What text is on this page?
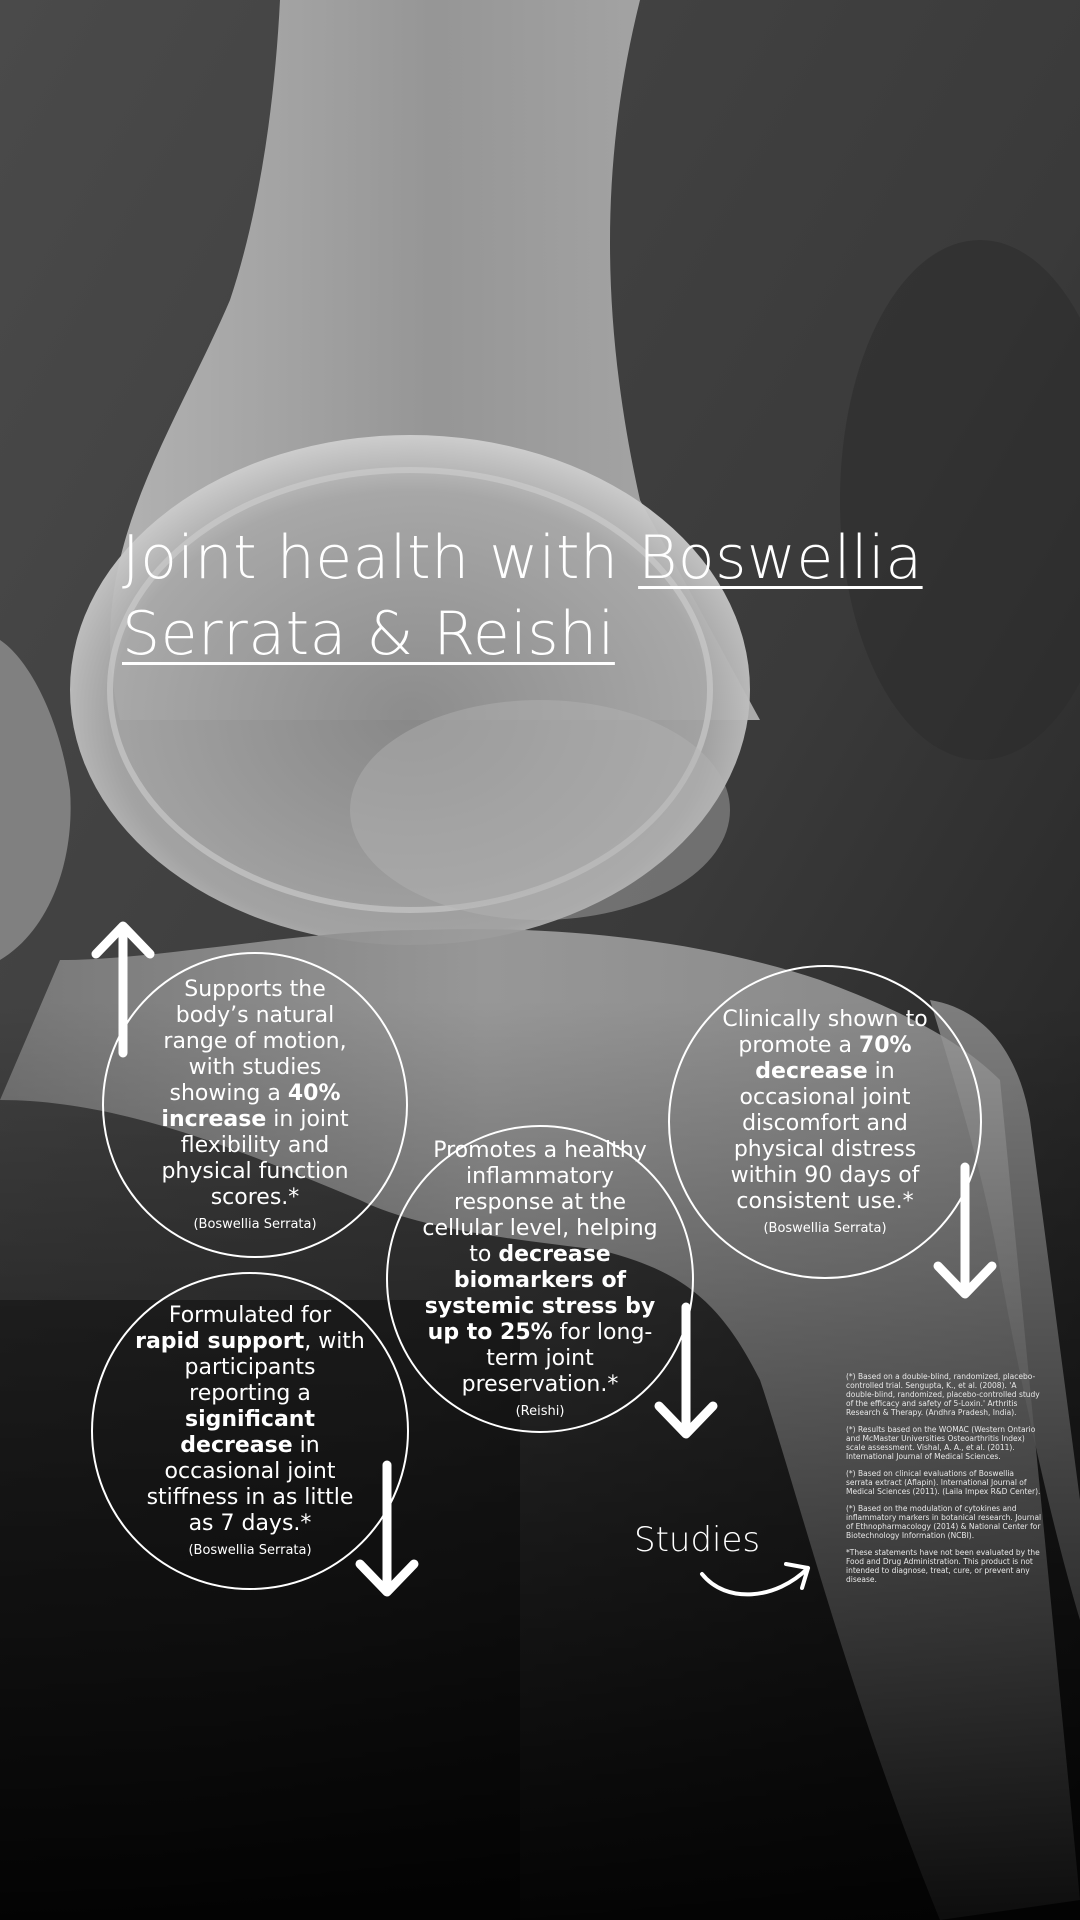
Joint health with Boswellia Serrata & Reishi

Supports the body’s natural range of motion, with studies showing a 40% increase in joint flexibility and physical function scores.*

(Boswellia Serrata)

Clinically shown to promote a 70% decrease in occasional joint discomfort and physical distress within 90 days of consistent use.*

(Boswellia Serrata)

Promotes a healthy inflammatory response at the cellular level, helping to decrease biomarkers of systemic stress by up to 25% for long-term joint preservation.*

(Reishi)

Formulated for rapid support, with participants reporting a significant decrease in occasional joint stiffness in as little as 7 days.*

(Boswellia Serrata)	Studies

(*) Based on a double-blind, randomized, placebo-controlled trial. Sengupta, K., et al. (2008). 'A double-blind, randomized, placebo-controlled study of the efficacy and safety of 5-Loxin.' Arthritis Research & Therapy. (Andhra Pradesh, India).

(*) Results based on the WOMAC (Western Ontario and McMaster Universities Osteoarthritis Index) scale assessment. Vishal, A. A., et al. (2011). International Journal of Medical Sciences.

(*) Based on clinical evaluations of Boswellia serrata extract (Aflapin). International Journal of Medical Sciences (2011). (Laila Impex R&D Center).

(*) Based on the modulation of cytokines and inflammatory markers in botanical research. Journal of Ethnopharmacology (2014) & National Center for Biotechnology Information (NCBI).

*These statements have not been evaluated by the Food and Drug Administration. This product is not intended to diagnose, treat, cure, or prevent any disease.
